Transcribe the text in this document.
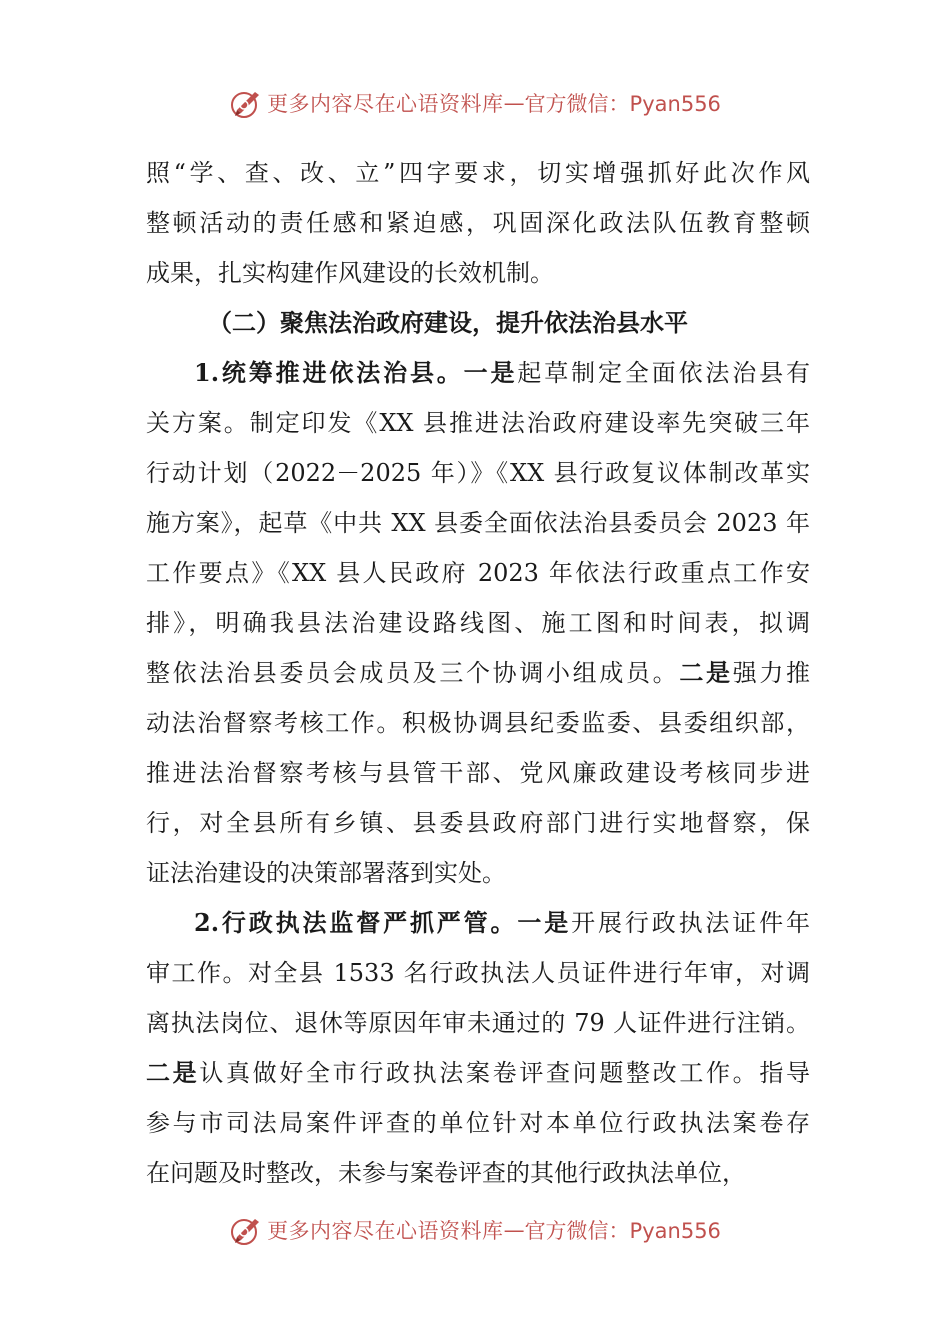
更多内容尽在心语资料库 — 官方微信：Pyan556
照“学、查、改、立”四字要求，切实增强抓好此次作风
整顿活动的责任感和紧迫感，巩固深化政法队伍教育整顿
成果，扎实构建作风建设的长效机制。
（二）聚焦法治政府建设，提升依法治县水平
1.统筹推进依法治县。一是起草制定全面依法治县有
关方案。制定印发《XX 县推进法治政府建设率先突破三年
行动计划（2022－2025 年）》《XX 县行政复议体制改革实
施方案》，起草《中共 XX 县委全面依法治县委员会 2023 年
工作要点》《XX 县人民政府 2023 年依法行政重点工作安
排》，明确我县法治建设路线图、施工图和时间表，拟调
整依法治县委员会成员及三个协调小组成员。二是强力推
动法治督察考核工作。积极协调县纪委监委、县委组织部，
推进法治督察考核与县管干部、党风廉政建设考核同步进
行，对全县所有乡镇、县委县政府部门进行实地督察，保
证法治建设的决策部署落到实处。
2.行政执法监督严抓严管。一是开展行政执法证件年
审工作。对全县 1533 名行政执法人员证件进行年审，对调
离执法岗位、退休等原因年审未通过的 79 人证件进行注销。
二是认真做好全市行政执法案卷评查问题整改工作。指导
参与市司法局案件评查的单位针对本单位行政执法案卷存
在问题及时整改，未参与案卷评查的其他行政执法单位，
更多内容尽在心语资料库 — 官方微信：Pyan556
